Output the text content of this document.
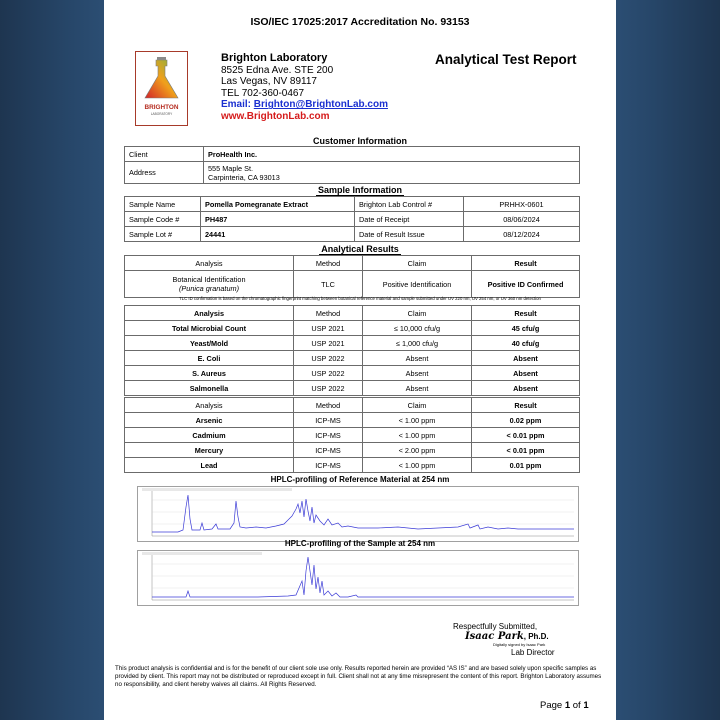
ISO/IEC 17025:2017 Accreditation No. 93153
BRIGHTON
LABORATORY
Brighton Laboratory
8525 Edna Ave. STE 200
Las Vegas, NV 89117
TEL 702-360-0467
Email: Brighton@BrightonLab.com
www.BrightonLab.com
Analytical Test Report
Customer Information
Client	ProHealth Inc.
Address	555 Maple St.
Carpinteria, CA 93013
Sample Information
Sample Name	Pomella Pomegranate Extract	Brighton Lab Control #	PRHHX-0601
Sample Code #	PH487	Date of Receipt	08/06/2024
Sample Lot #	24441	Date of Result Issue	08/12/2024
Analytical Results
Analysis	Method	Claim	Result

Botanical Identification
(Punica granatum)	TLC	Positive Identification	Positive ID Confirmed
TLC ID confirmation is based on the chromatographic fingerprint matching between botanical reference material and sample submitted under UV 220 nm, UV 254 nm, or UV 360 nm detection
Analysis	Method	Claim	Result
Total Microbial Count	USP 2021	≤ 10,000 cfu/g	45 cfu/g
Yeast/Mold	USP 2021	≤ 1,000 cfu/g	40 cfu/g
E. Coli	USP 2022	Absent	Absent
S. Aureus	USP 2022	Absent	Absent
Salmonella	USP 2022	Absent	Absent
Analysis	Method	Claim	Result
Arsenic	ICP-MS	< 1.00 ppm	0.02 ppm
Cadmium	ICP-MS	< 1.00 ppm	< 0.01 ppm
Mercury	ICP-MS	< 2.00 ppm	< 0.01 ppm
Lead	ICP-MS	< 1.00 ppm	0.01 ppm
HPLC-profiling of Reference Material at 254 nm
HPLC-profiling of the Sample at 254 nm
Respectfully Submitted,
Isaac Park, Ph.D.
Digitally signed by Isaac Park
Lab Director
This product analysis is confidential and is for the benefit of our client sole use only. Results reported herein are provided “AS IS” and are based solely upon specific samples as provided by client. This report may not be distributed or reproduced except in full. Client shall not at any time misrepresent the content of this report. Brighton Laboratory assumes no responsibility, and client hereby waives all claims. All Rights Reserved.
Page 1 of 1
